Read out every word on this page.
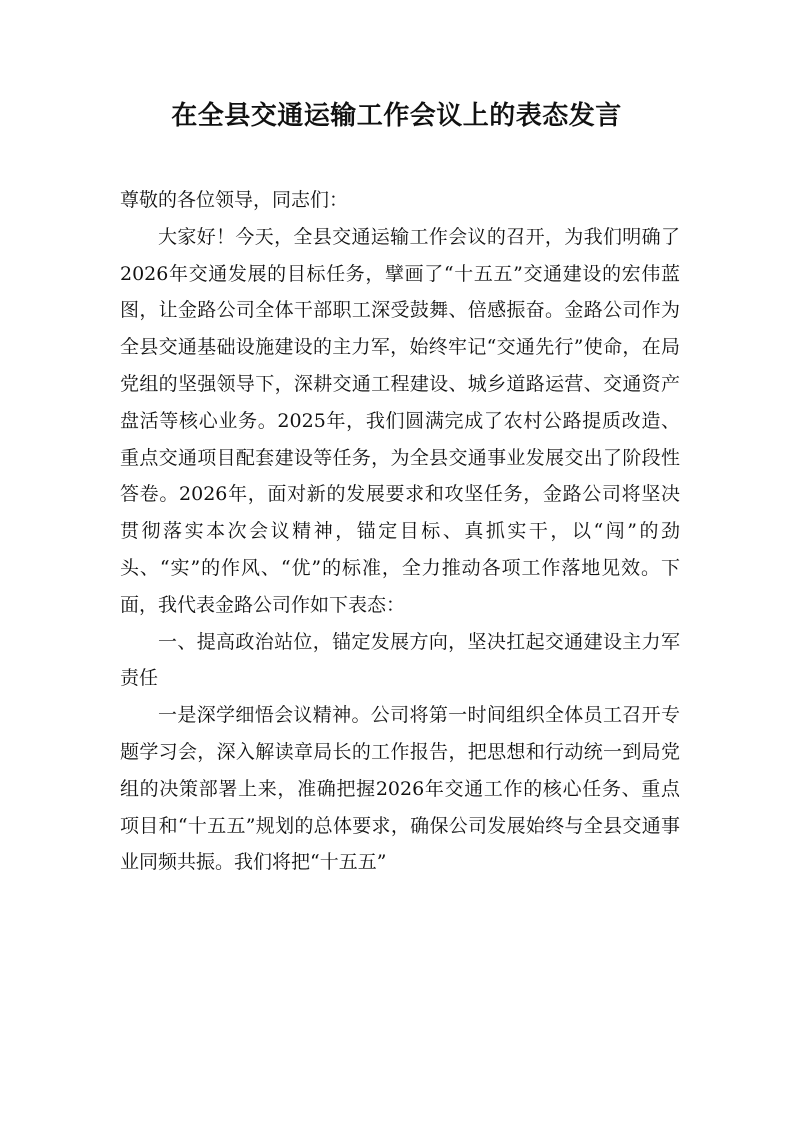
在全县交通运输工作会议上的表态发言

尊敬的各位领导，同志们：

大家好！今天，全县交通运输工作会议的召开，为我们明确了2026年交通发展的目标任务，擘画了“十五五”交通建设的宏伟蓝图，让金路公司全体干部职工深受鼓舞、倍感振奋。金路公司作为全县交通基础设施建设的主力军，始终牢记“交通先行”使命，在局党组的坚强领导下，深耕交通工程建设、城乡道路运营、交通资产盘活等核心业务。2025年，我们圆满完成了农村公路提质改造、重点交通项目配套建设等任务，为全县交通事业发展交出了阶段性答卷。2026年，面对新的发展要求和攻坚任务，金路公司将坚决贯彻落实本次会议精神，锚定目标、真抓实干，以“闯”的劲头、“实”的作风、“优”的标准，全力推动各项工作落地见效。下面，我代表金路公司作如下表态：

一、提高政治站位，锚定发展方向，坚决扛起交通建设主力军责任

一是深学细悟会议精神。公司将第一时间组织全体员工召开专题学习会，深入解读章局长的工作报告，把思想和行动统一到局党组的决策部署上来，准确把握2026年交通工作的核心任务、重点项目和“十五五”规划的总体要求，确保公司发展始终与全县交通事业同频共振。我们将把“十五五”
